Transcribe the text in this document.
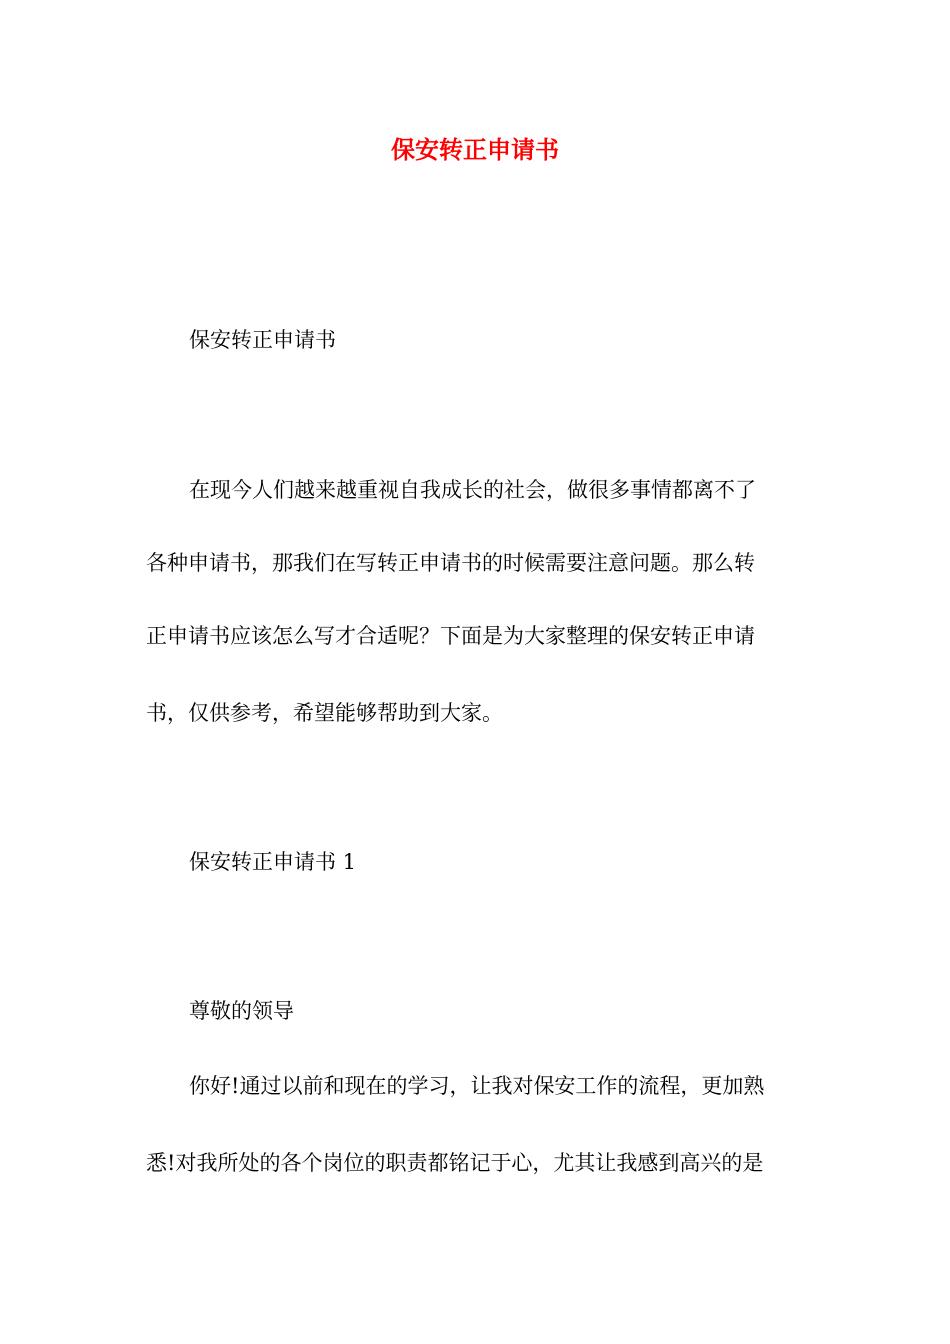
保安转正申请书
保安转正申请书
在现今人们越来越重视自我成长的社会，做很多事情都离不了
各种申请书，那我们在写转正申请书的时候需要注意问题。那么转
正申请书应该怎么写才合适呢？下面是为大家整理的保安转正申请
书，仅供参考，希望能够帮助到大家。
保安转正申请书 1
尊敬的领导
你好!通过以前和现在的学习，让我对保安工作的流程，更加熟
悉!对我所处的各个岗位的职责都铭记于心，尤其让我感到高兴的是
